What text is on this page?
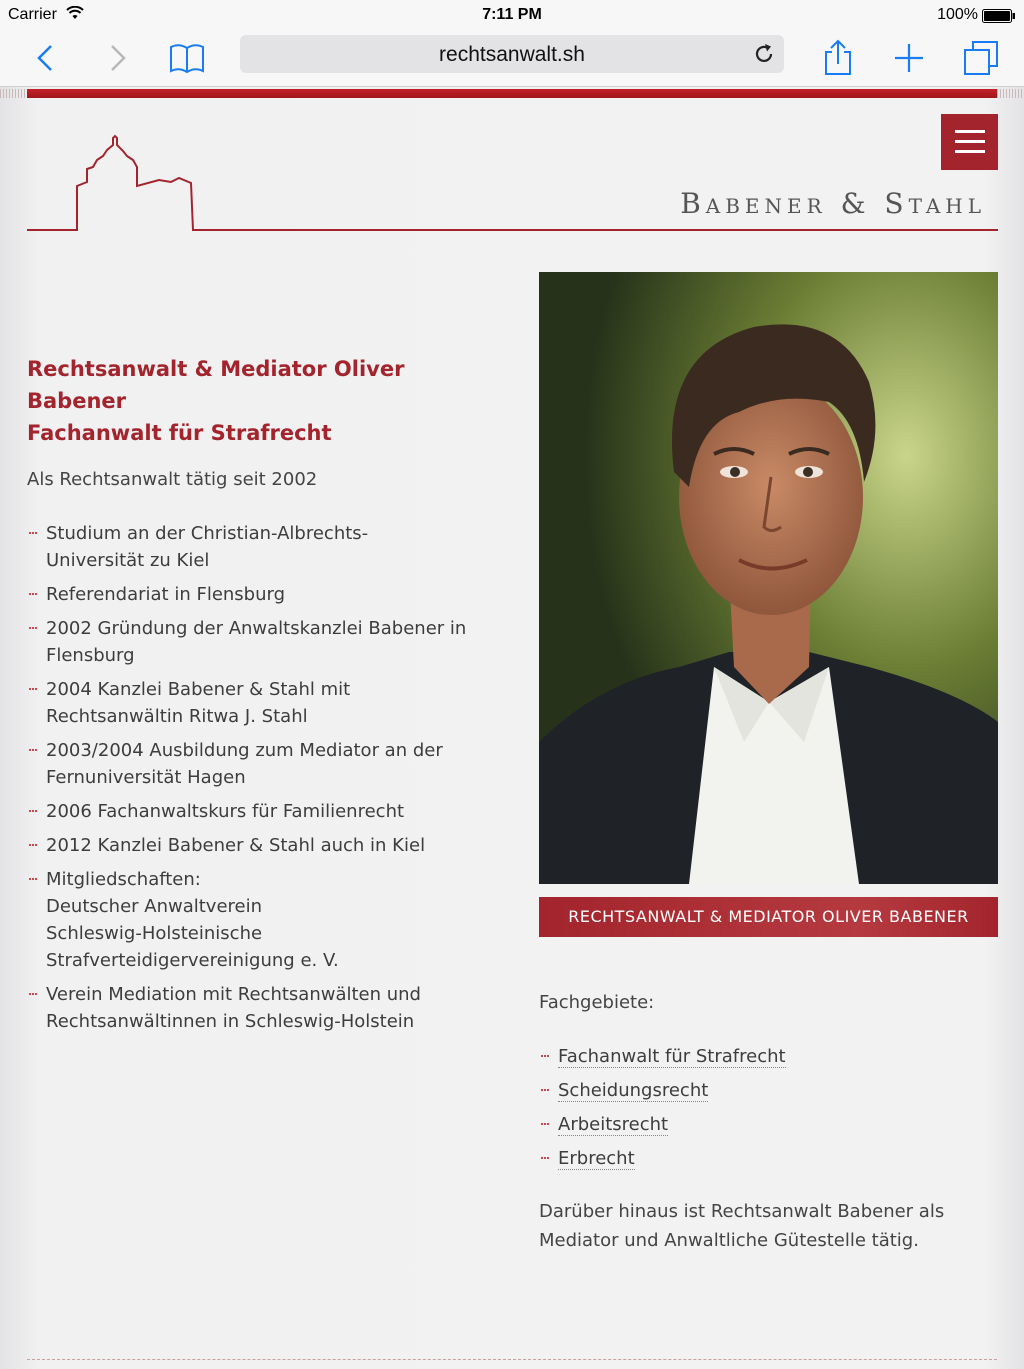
Carrier	7:11 PM	100%
rechtsanwalt.sh
Babener & Stahl
Rechtsanwalt & Mediator Oliver Babener
Fachanwalt für Strafrecht
Als Rechtsanwalt tätig seit 2002
Studium an der Christian-Albrechts-
Universität zu Kiel
Referendariat in Flensburg
2002 Gründung der Anwaltskanzlei Babener in
Flensburg
2004 Kanzlei Babener & Stahl mit
Rechtsanwältin Ritwa J. Stahl
2003/2004 Ausbildung zum Mediator an der
Fernuniversität Hagen
2006 Fachanwaltskurs für Familienrecht
2012 Kanzlei Babener & Stahl auch in Kiel
Mitgliedschaften:
Deutscher Anwaltverein
Schleswig-Holsteinische
Strafverteidigervereinigung e. V.
Verein Mediation mit Rechtsanwälten und
Rechtsanwältinnen in Schleswig-Holstein
RECHTSANWALT & MEDIATOR OLIVER BABENER
Fachgebiete:
Fachanwalt für Strafrecht
Scheidungsrecht
Arbeitsrecht
Erbrecht
Darüber hinaus ist Rechtsanwalt Babener als Mediator und Anwaltliche Gütestelle tätig.
